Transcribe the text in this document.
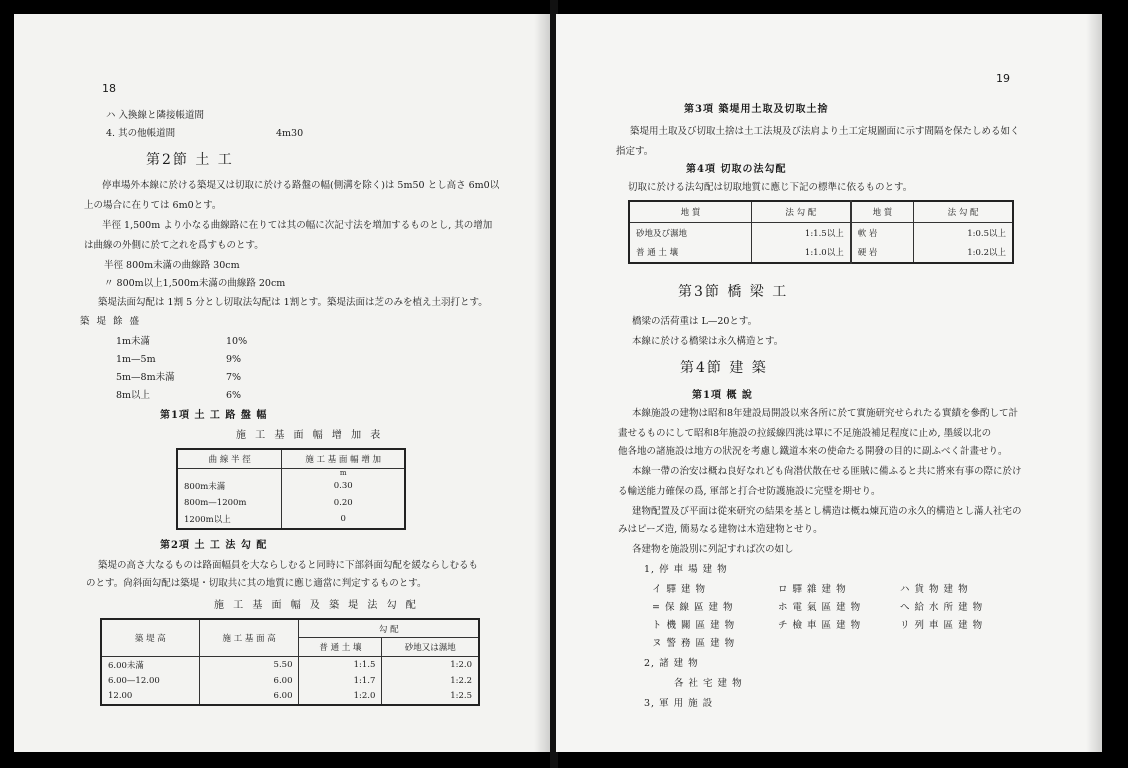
18
ハ 入換線と隣接帳道間
4. 其の他帳道間	4m30
第2節 土 工
停車場外本線に於ける築堤又は切取に於ける路盤の幅(側溝を除く)は 5m50 とし高さ 6m0以
上の場合に在りては 6m0とす。
半徑 1,500m より小なる曲線路に在りては其の幅に次記寸法を増加するものとし, 其の增加
は曲線の外側に於て之れを爲すものとす。
半徑 800m未滿の曲線路 30cm
〃 800m以上1,500m未滿の曲線路 20cm
築堤法面勾配は 1割 5 分とし切取法勾配は 1割とす。築堤法面は芝のみを植え土羽打とす。
築 堤 餘 盛
1m未滿	10%
1m—5m	9%
5m—8m未滿	7%
8m以上	6%
第1項 土 工 路 盤 幅
施 工 基 面 幅 增 加 表
曲 線 半 徑	施 工 基 面 幅 增 加
	m
800m未滿	0.30
800m—1200m	0.20
1200m以上	0
第2項 土 工 法 勾 配
築堤の高さ大なるものは路面幅員を大ならしむると同時に下部斜面勾配を緩ならしむるも
のとす。尙斜面勾配は築堤・切取共に其の地質に應じ適當に判定するものとす。
施 工 基 面 幅 及 築 堤 法 勾 配
築 堤 高	施 工 基 面 高	勾 配	
		普 通 土 壤	砂地又は濕地
6.00未滿	5.50	1:1.5	1:2.0
6.00—12.00	6.00	1:1.7	1:2.2
12.00	6.00	1:2.0	1:2.5
19
第3項 築堤用土取及切取土捨
築堤用土取及び切取土捨は土工法規及び法肩より土工定規圖面に示す間隔を保たしめる如く
指定す。
第4項 切取の法勾配
切取に於ける法勾配は切取地質に應じ下記の標準に依るものとす。
地 質	法 勾 配	地 質	法 勾 配
砂地及び濕地	1:1.5以上	軟 岩	1:0.5以上
普 通 土 壤	1:1.0以上	硬 岩	1:0.2以上
第3節 橋 梁 工
橋梁の活荷重は L—20とす。
本線に於ける橋梁は永久構造とす。
第4節 建 築
第1項 概 說
本線施設の建物は昭和8年建設局開設以來各所に於て實施研究せられたる實績を參酌して計
畫せるものにして昭和8年施設の拉綏線四洮は單に不足施設補足程度に止め, 墨綏以北の
他各地の諸施設は地方の狀況を考慮し鐵道本來の使命たる開發の目的に副ふべく計畫せり。
本線一帶の治安は概ね良好なれども尙潜伏散在せる匪賊に備ふると共に將來有事の際に於け
る輸送能力確保の爲, 軍部と打合せ防護施設に完璧を期せり。
建物配置及び平面は從來研究の結果を基とし構造は概ね煉瓦造の永久的構造とし滿人社宅の
みはピーズ造, 簡易なる建物は木造建物とせり。
各建物を施設別に列記すれば次の如し
1, 停 車 場 建 物
イ 驛 建 物
= 保 線 區 建 物
ト 機 關 區 建 物
ヌ 警 務 區 建 物
ロ 驛 雜 建 物
ホ 電 氣 區 建 物
チ 檢 車 區 建 物
ハ 貨 物 建 物
へ 給 水 所 建 物
リ 列 車 區 建 物
2, 諸 建 物
各 社 宅 建 物
3, 軍 用 施 設
